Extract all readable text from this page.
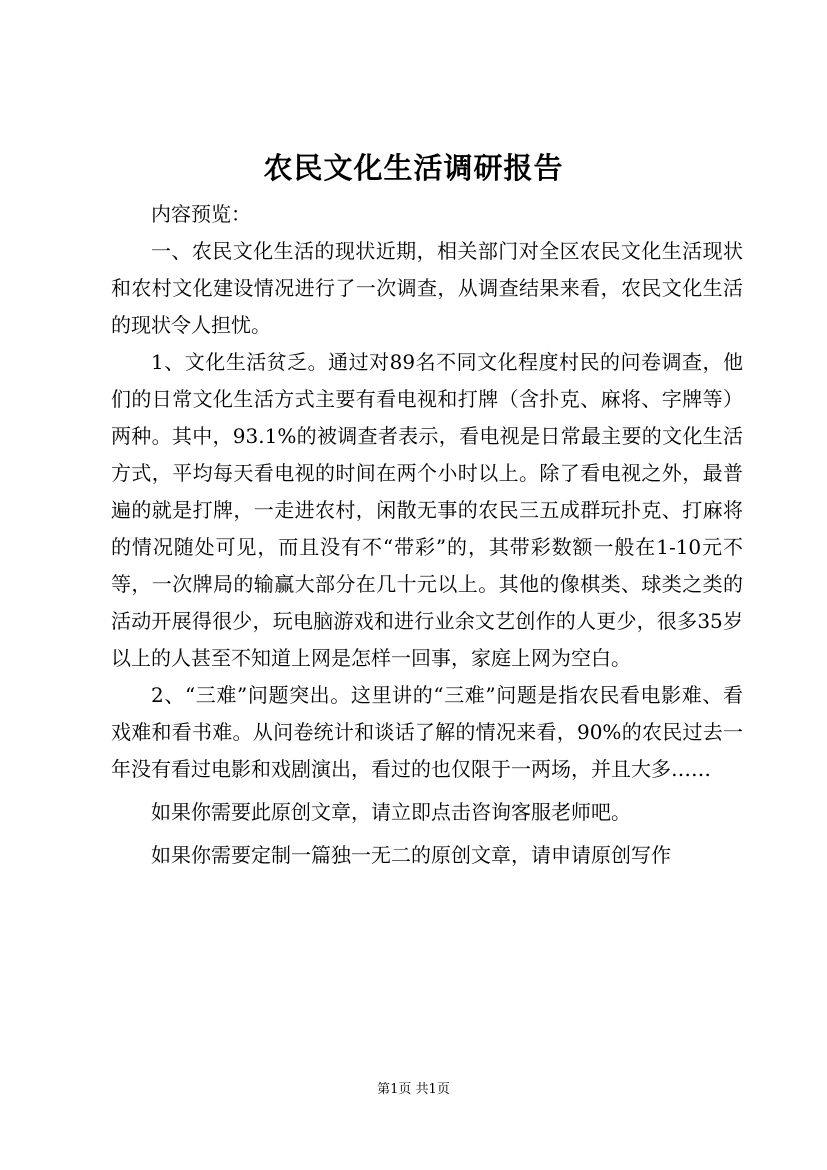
农民文化生活调研报告

内容预览：

一、农民文化生活的现状近期，相关部门对全区农民文化生活现状和农村文化建设情况进行了一次调查，从调查结果来看，农民文化生活的现状令人担忧。

1、文化生活贫乏。通过对89名不同文化程度村民的问卷调查，他们的日常文化生活方式主要有看电视和打牌（含扑克、麻将、字牌等）两种。其中，93.1%的被调查者表示，看电视是日常最主要的文化生活方式，平均每天看电视的时间在两个小时以上。除了看电视之外，最普遍的就是打牌，一走进农村，闲散无事的农民三五成群玩扑克、打麻将的情况随处可见，而且没有不“带彩”的，其带彩数额一般在1-10元不等，一次牌局的输赢大部分在几十元以上。其他的像棋类、球类之类的活动开展得很少，玩电脑游戏和进行业余文艺创作的人更少，很多35岁以上的人甚至不知道上网是怎样一回事，家庭上网为空白。

2、“三难”问题突出。这里讲的“三难”问题是指农民看电影难、看戏难和看书难。从问卷统计和谈话了解的情况来看，90%的农民过去一年没有看过电影和戏剧演出，看过的也仅限于一两场，并且大多……

如果你需要此原创文章，请立即点击咨询客服老师吧。

如果你需要定制一篇独一无二的原创文章，请申请原创写作

第1页 共1页
